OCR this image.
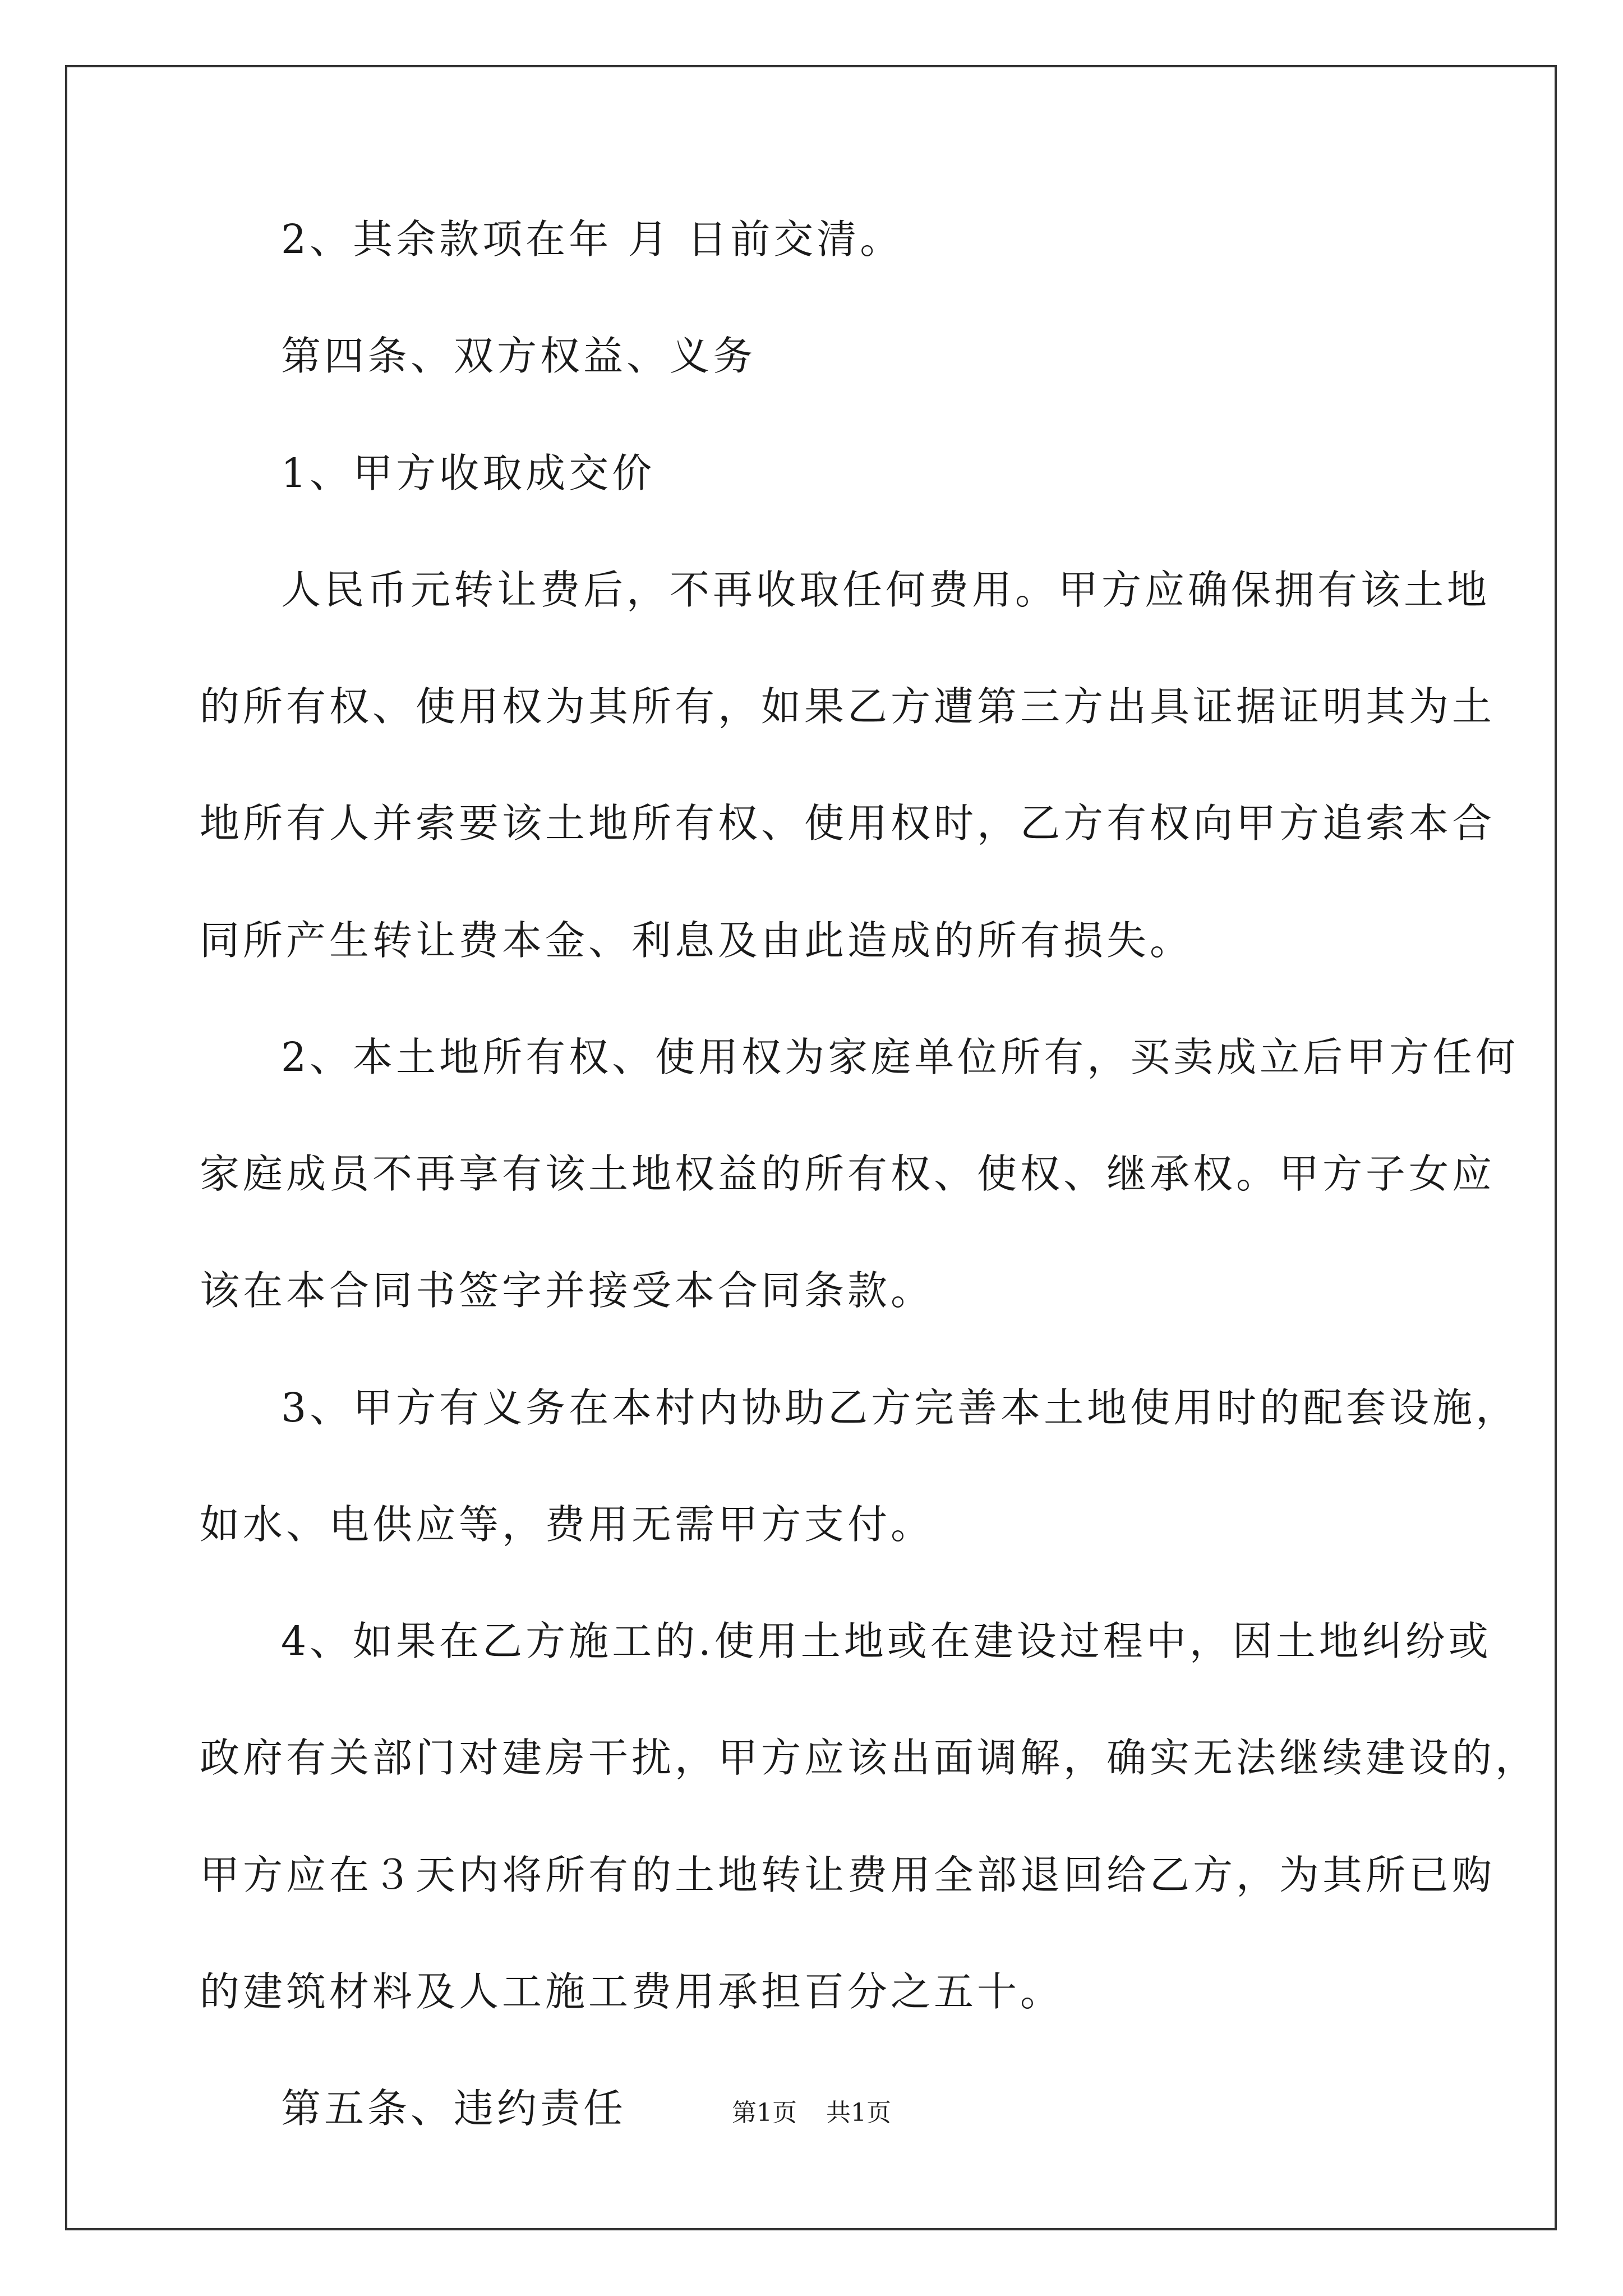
2、其余款项在年 月 日前交清。
第四条、双方权益、义务
1、甲方收取成交价
人民币元转让费后，不再收取任何费用。甲方应确保拥有该土地
的所有权、使用权为其所有，如果乙方遭第三方出具证据证明其为土
地所有人并索要该土地所有权、使用权时，乙方有权向甲方追索本合
同所产生转让费本金、利息及由此造成的所有损失。
2、本土地所有权、使用权为家庭单位所有，买卖成立后甲方任何
家庭成员不再享有该土地权益的所有权、使权、继承权。甲方子女应
该在本合同书签字并接受本合同条款。
3、甲方有义务在本村内协助乙方完善本土地使用时的配套设施，
如水、电供应等，费用无需甲方支付。
4、如果在乙方施工的.使用土地或在建设过程中，因土地纠纷或
政府有关部门对建房干扰，甲方应该出面调解，确实无法继续建设的，
甲方应在３天内将所有的土地转让费用全部退回给乙方，为其所已购
的建筑材料及人工施工费用承担百分之五十。
第五条、违约责任	第1页 共1页
